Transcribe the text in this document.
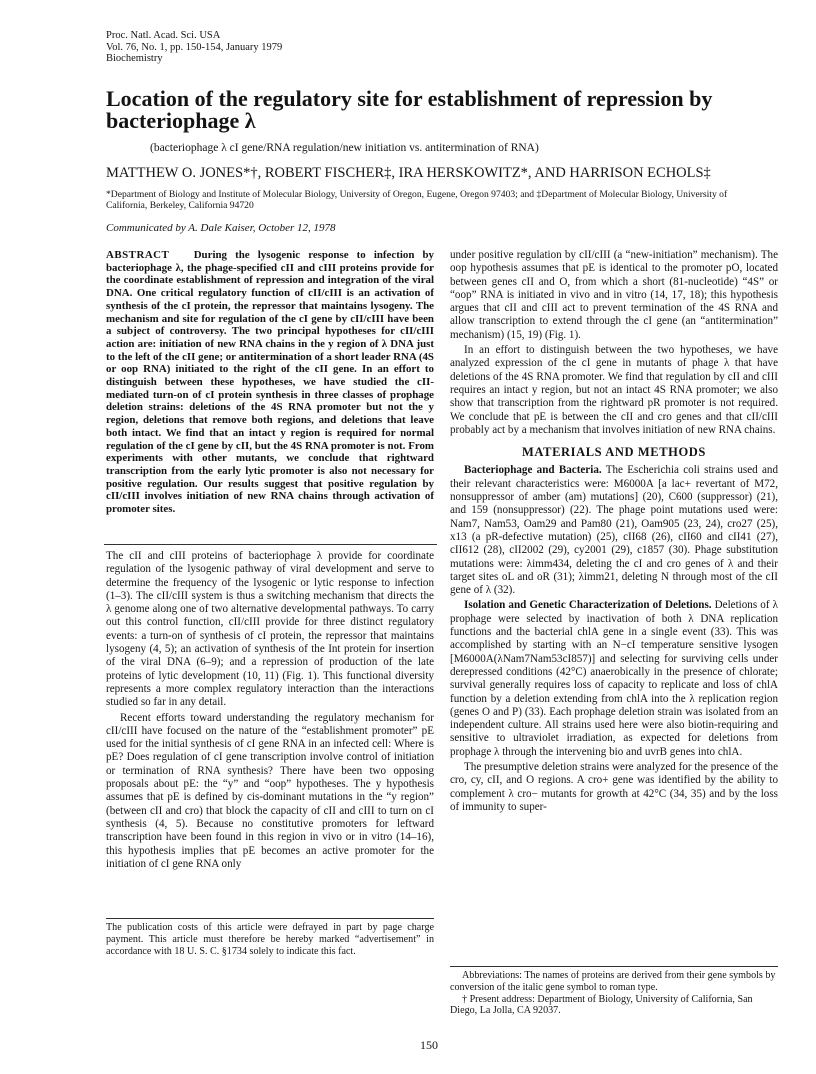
Proc. Natl. Acad. Sci. USA
Vol. 76, No. 1, pp. 150-154, January 1979
Biochemistry
Location of the regulatory site for establishment of repression by bacteriophage λ
(bacteriophage λ cI gene/RNA regulation/new initiation vs. antitermination of RNA)
MATTHEW O. JONES*†, ROBERT FISCHER‡, IRA HERSKOWITZ*, AND HARRISON ECHOLS‡
*Department of Biology and Institute of Molecular Biology, University of Oregon, Eugene, Oregon 97403; and ‡Department of Molecular Biology, University of California, Berkeley, California 94720
Communicated by A. Dale Kaiser, October 12, 1978

ABSTRACT During the lysogenic response to infection by bacteriophage λ, the phage-specified cII and cIII proteins provide for the coordinate establishment of repression and integration of the viral DNA. One critical regulatory function of cII/cIII is an activation of synthesis of the cI protein, the repressor that maintains lysogeny. The mechanism and site for regulation of the cI gene by cII/cIII have been a subject of controversy. The two principal hypotheses for cII/cIII action are: initiation of new RNA chains in the y region of λ DNA just to the left of the cII gene; or antitermination of a short leader RNA (4S or oop RNA) initiated to the right of the cII gene. In an effort to distinguish between these hypotheses, we have studied the cII-mediated turn-on of cI protein synthesis in three classes of prophage deletion strains: deletions of the 4S RNA promoter but not the y region, deletions that remove both regions, and deletions that leave both intact. We find that an intact y region is required for normal regulation of the cI gene by cII, but the 4S RNA promoter is not. From experiments with other mutants, we conclude that rightward transcription from the early lytic promoter is also not necessary for positive regulation. Our results suggest that positive regulation by cII/cIII involves initiation of new RNA chains through activation of promoter sites.

The cII and cIII proteins of bacteriophage λ provide for coordinate regulation of the lysogenic pathway of viral development and serve to determine the frequency of the lysogenic or lytic response to infection (1–3). The cII/cIII system is thus a switching mechanism that directs the λ genome along one of two alternative developmental pathways. To carry out this control function, cII/cIII provide for three distinct regulatory events: a turn-on of synthesis of cI protein, the repressor that maintains lysogeny (4, 5); an activation of synthesis of the Int protein for insertion of the viral DNA (6–9); and a repression of production of the late proteins of lytic development (10, 11) (Fig. 1). This functional diversity represents a more complex regulatory interaction than the interactions studied so far in any detail.

Recent efforts toward understanding the regulatory mechanism for cII/cIII have focused on the nature of the “establishment promoter” pE used for the initial synthesis of cI gene RNA in an infected cell: Where is pE? Does regulation of cI gene transcription involve control of initiation or termination of RNA synthesis? There have been two opposing proposals about pE: the “y” and “oop” hypotheses. The y hypothesis assumes that pE is defined by cis-dominant mutations in the “y region” (between cII and cro) that block the capacity of cII and cIII to turn on cI synthesis (4, 5). Because no constitutive promoters for leftward transcription have been found in this region in vivo or in vitro (14–16), this hypothesis implies that pE becomes an active promoter for the initiation of cI gene RNA only

under positive regulation by cII/cIII (a “new-initiation” mechanism). The oop hypothesis assumes that pE is identical to the promoter pO, located between genes cII and O, from which a short (81-nucleotide) “4S” or “oop” RNA is initiated in vivo and in vitro (14, 17, 18); this hypothesis argues that cII and cIII act to prevent termination of the 4S RNA and allow transcription to extend through the cI gene (an “antitermination” mechanism) (15, 19) (Fig. 1).

In an effort to distinguish between the two hypotheses, we have analyzed expression of the cI gene in mutants of phage λ that have deletions of the 4S RNA promoter. We find that regulation by cII and cIII requires an intact y region, but not an intact 4S RNA promoter; we also show that transcription from the rightward pR promoter is not required. We conclude that pE is between the cII and cro genes and that cII/cIII probably act by a mechanism that involves initiation of new RNA chains.

MATERIALS AND METHODS

Bacteriophage and Bacteria. The Escherichia coli strains used and their relevant characteristics were: M6000A [a lac+ revertant of M72, nonsuppressor of amber (am) mutations] (20), C600 (suppressor) (21), and 159 (nonsuppressor) (22). The phage point mutations used were: Nam7, Nam53, Oam29 and Pam80 (21), Oam905 (23, 24), cro27 (25), x13 (a pR-defective mutation) (25), cII68 (26), cII60 and cII41 (27), cII612 (28), cII2002 (29), cy2001 (29), c1857 (30). Phage substitution mutations were: λimm434, deleting the cI and cro genes of λ and their target sites oL and oR (31); λimm21, deleting N through most of the cII gene of λ (32).

Isolation and Genetic Characterization of Deletions. Deletions of λ prophage were selected by inactivation of both λ DNA replication functions and the bacterial chlA gene in a single event (33). This was accomplished by starting with an N−cI temperature sensitive lysogen [M6000A(λNam7Nam53cI857)] and selecting for surviving cells under derepressed conditions (42°C) anaerobically in the presence of chlorate; survival generally requires loss of capacity to replicate and loss of chlA function by a deletion extending from chlA into the λ replication region (genes O and P) (33). Each prophage deletion strain was isolated from an independent culture. All strains used here were also biotin-requiring and sensitive to ultraviolet irradiation, as expected for deletions from prophage λ through the intervening bio and uvrB genes into chlA.

The presumptive deletion strains were analyzed for the presence of the cro, cy, cII, and O regions. A cro+ gene was identified by the ability to complement λ cro− mutants for growth at 42°C (34, 35) and by the loss of immunity to super-

The publication costs of this article were defrayed in part by page charge payment. This article must therefore be hereby marked “advertisement” in accordance with 18 U. S. C. §1734 solely to indicate this fact.

Abbreviations: The names of proteins are derived from their gene symbols by conversion of the italic gene symbol to roman type.

† Present address: Department of Biology, University of California, San Diego, La Jolla, CA 92037.

150
